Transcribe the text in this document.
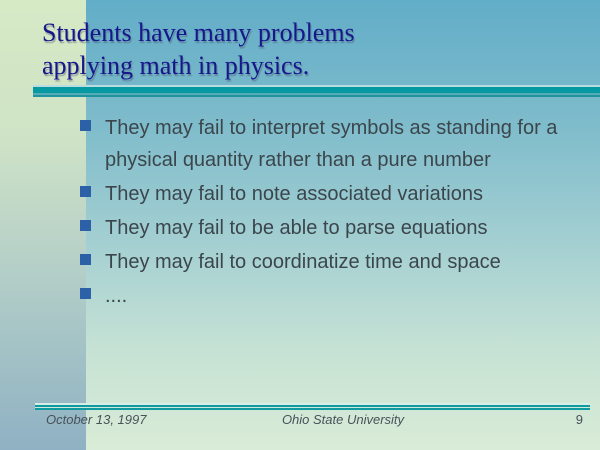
Students have many problems
applying math in physics.
They may fail to interpret symbols as standing for a physical quantity rather than a pure number
They may fail to note associated variations
They may fail to be able to parse equations
They may fail to coordinatize time and space
....
October 13, 1997	Ohio State University	9
